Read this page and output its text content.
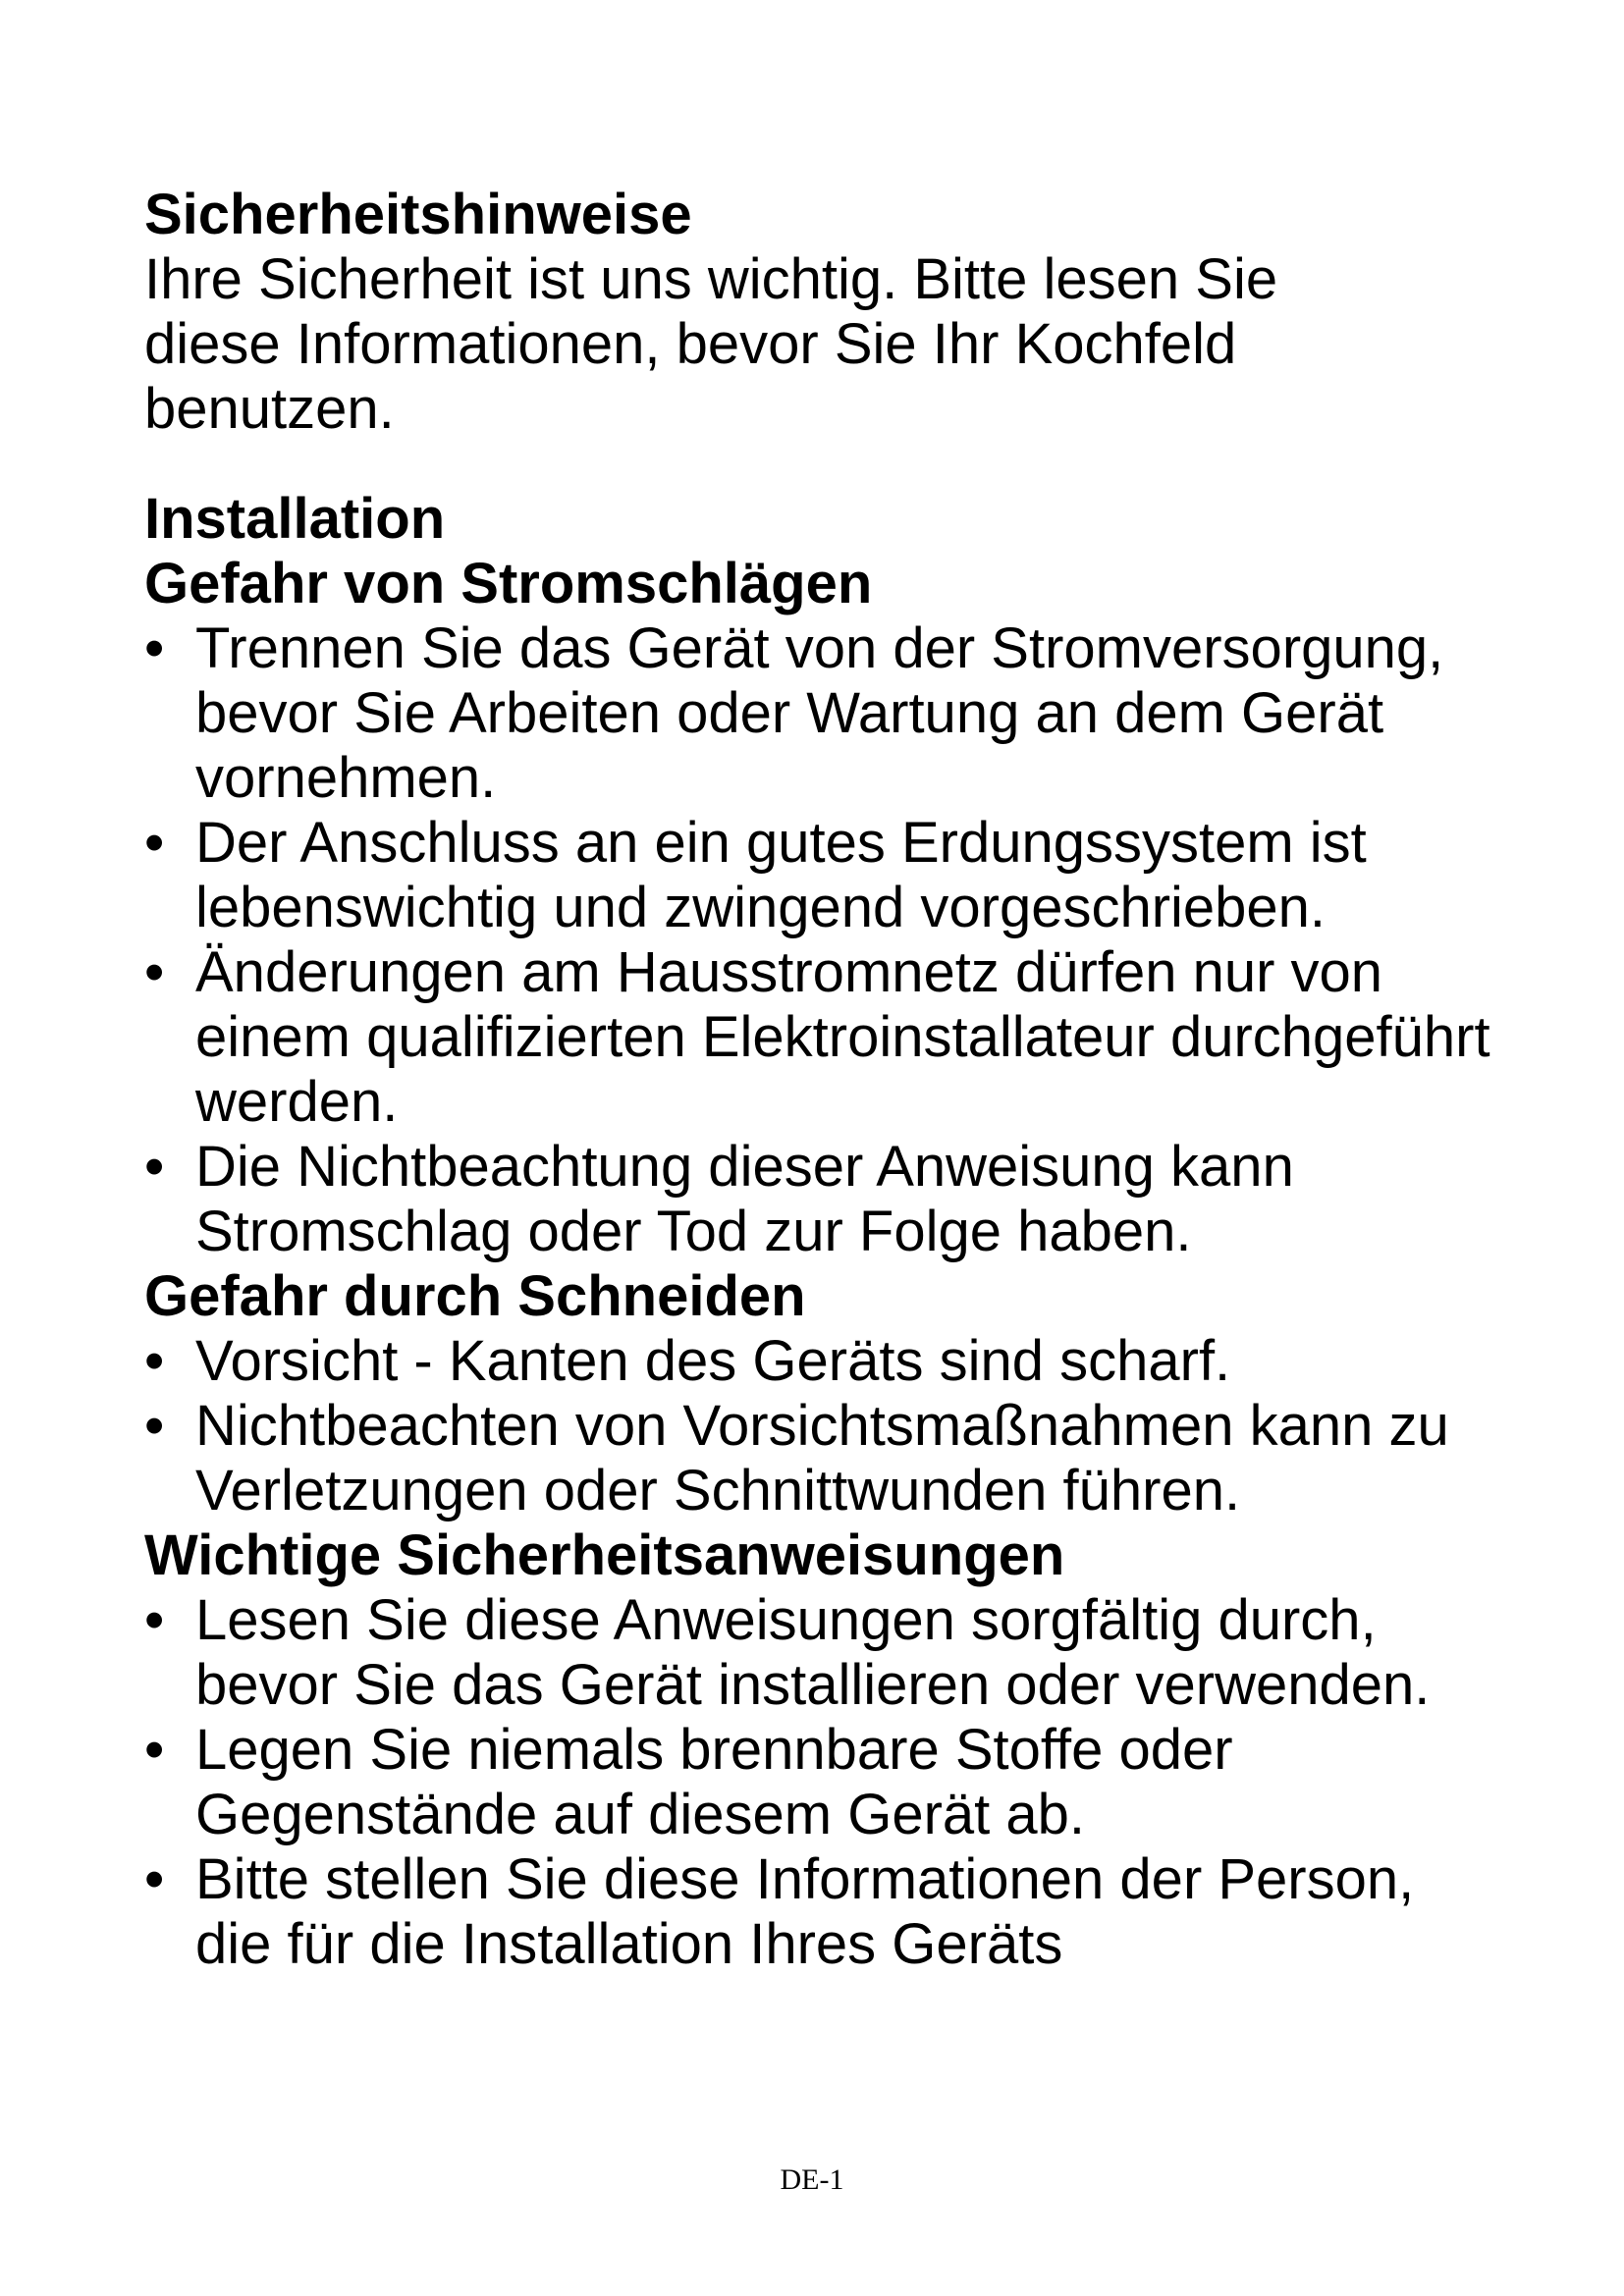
Sicherheitshinweise

Ihre Sicherheit ist uns wichtig. Bitte lesen Sie diese Informationen, bevor Sie Ihr Kochfeld benutzen.

Installation
Gefahr von Stromschlägen
• Trennen Sie das Gerät von der Stromversorgung, bevor Sie Arbeiten oder Wartung an dem Gerät vornehmen.
• Der Anschluss an ein gutes Erdungssystem ist lebenswichtig und zwingend vorgeschrieben.
• Änderungen am Hausstromnetz dürfen nur von einem qualifizierten Elektroinstallateur durchgeführt werden.
• Die Nichtbeachtung dieser Anweisung kann Stromschlag oder Tod zur Folge haben.
Gefahr durch Schneiden
• Vorsicht - Kanten des Geräts sind scharf.
• Nichtbeachten von Vorsichtsmaßnahmen kann zu Verletzungen oder Schnittwunden führen.
Wichtige Sicherheitsanweisungen
• Lesen Sie diese Anweisungen sorgfältig durch, bevor Sie das Gerät installieren oder verwenden.
• Legen Sie niemals brennbare Stoffe oder Gegenstände auf diesem Gerät ab.
• Bitte stellen Sie diese Informationen der Person, die für die Installation Ihres Geräts
DE-1
